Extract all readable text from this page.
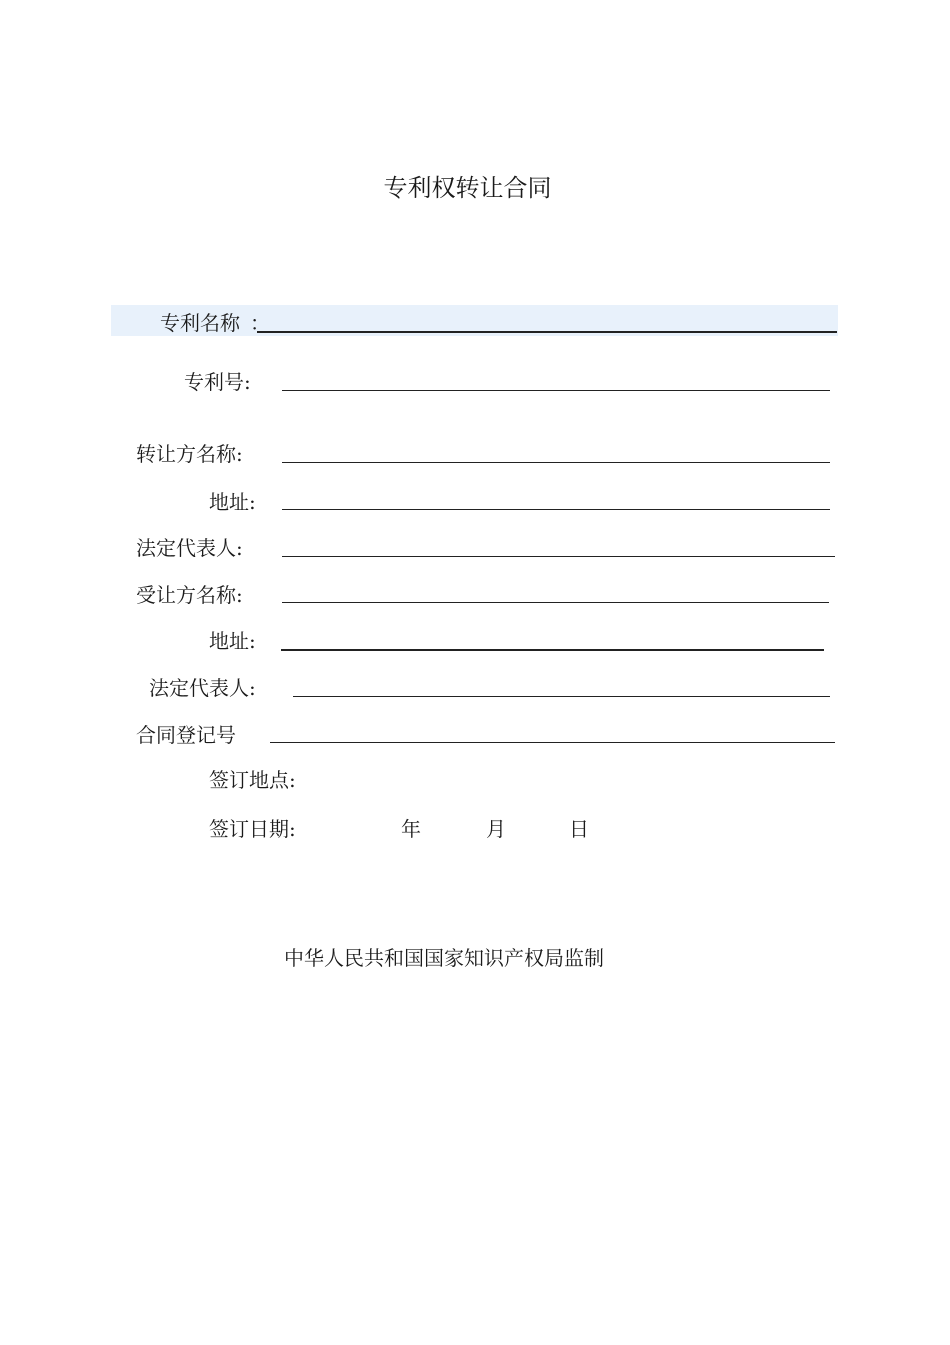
专利权转让合同
专利名称 ：
专利号:
转让方名称:
地址:
法定代表人:
受让方名称:
地址:
法定代表人:
合同登记号
签订地点:
签订日期:	年	月	日
中华人民共和国国家知识产权局监制
